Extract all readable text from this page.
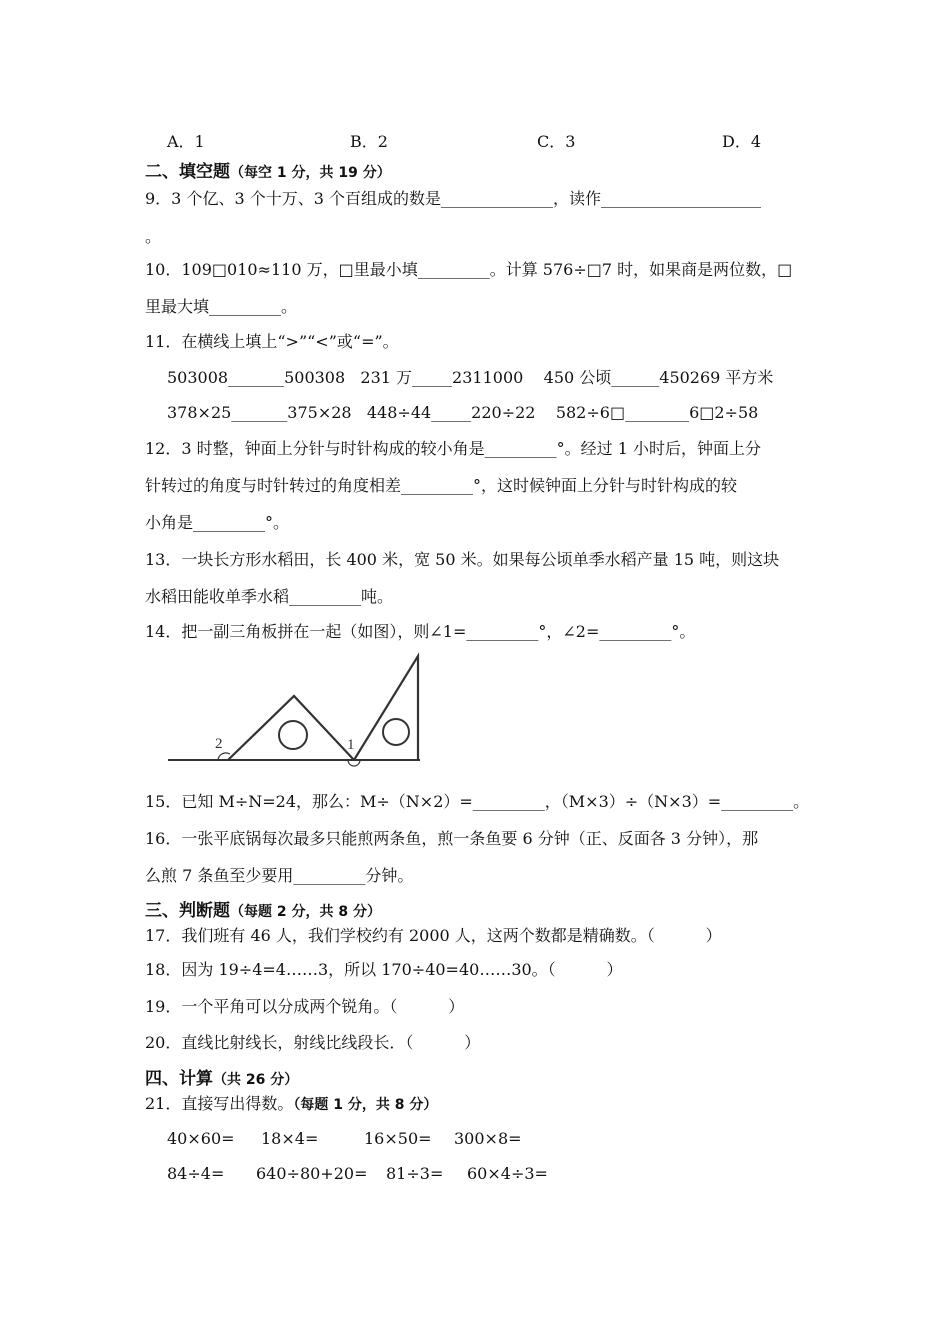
A．1	B．2	C．3	D．4
二、填空题（每空 1 分，共 19 分）
9．3 个亿、3 个十万、3 个百组成的数是______________，读作____________________
。
10．109□010≈110 万，□里最小填_________。计算 576÷□7 时，如果商是两位数，□
里最大填_________。
11．在横线上填上“>”“<”或“=”。
503008_______500308   231 万_____2311000    450 公顷______450269 平方米
378×25_______375×28   448÷44_____220÷22    582÷6□________6□2÷58
12．3 时整，钟面上分针与时针构成的较小角是_________°。经过 1 小时后，钟面上分
针转过的角度与时针转过的角度相差_________°，这时候钟面上分针与时针构成的较
小角是_________°。
13．一块长方形水稻田，长 400 米，宽 50 米。如果每公顷单季水稻产量 15 吨，则这块
水稻田能收单季水稻_________吨。
14．把一副三角板拼在一起（如图），则∠1=_________°，∠2=_________°。
2	1
15．已知 M÷N=24，那么：M÷（N×2）=_________，（M×3）÷（N×3）=_________。
16．一张平底锅每次最多只能煎两条鱼，煎一条鱼要 6 分钟（正、反面各 3 分钟），那
么煎 7 条鱼至少要用_________分钟。
三、判断题（每题 2 分，共 8 分）
17．我们班有 46 人，我们学校约有 2000 人，这两个数都是精确数。（          ）
18．因为 19÷4=4……3，所以 170÷40=40……30。（          ）
19．一个平角可以分成两个锐角。（          ）
20．直线比射线长，射线比线段长．（          ）
四、计算（共 26 分）
21．直接写出得数。（每题 1 分，共 8 分）
40×60= 18×4=	16×50= 300×8=
84÷4= 640÷80+20= 81÷3= 60×4÷3=
